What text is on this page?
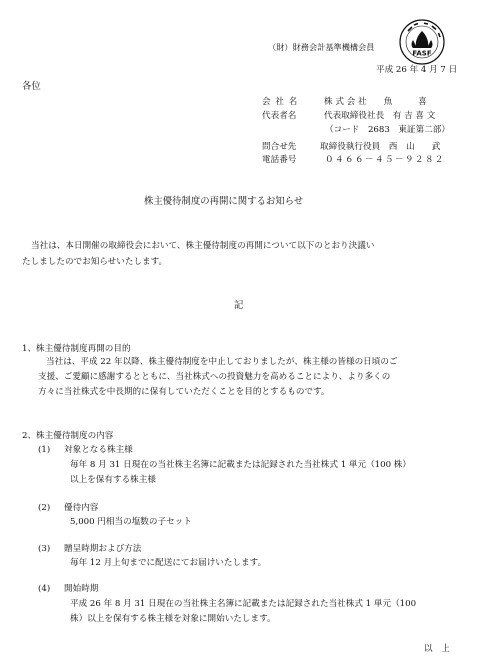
（財）財務会計基準機構会員
FASF
平成 26 年 4 月 7 日
各位
会 社 名	株 式 会 社　　魚　　　喜
代表者名	代表取締役社長　有 吉 喜 文
（コード　2683　東証第二部）
問合せ先	取締役執行役員　西　山　　武
電話番号	０４６６－４５－９２８２
株主優待制度の再開に関するお知らせ
当社は、本日開催の取締役会において、株主優待制度の再開について以下のとおり決議い
たしましたのでお知らせいたします。
記
1、株主優待制度再開の目的
当社は、平成 22 年以降、株主優待制度を中止しておりましたが、株主様の皆様の日頃のご
支援、ご愛顧に感謝するとともに、当社株式への投資魅力を高めることにより、より多くの
方々に当社株式を中長期的に保有していただくことを目的とするものです。
2、株主優待制度の内容
(1) 対象となる株主様
毎年 8 月 31 日現在の当社株主名簿に記載または記録された当社株式 1 単元（100 株）
以上を保有する株主様
(2) 優待内容
5,000 円相当の塩数の子セット
(3) 贈呈時期および方法
毎年 12 月上旬までに配送にてお届けいたします。
(4) 開始時期
平成 26 年 8 月 31 日現在の当社株主名簿に記載または記録された当社株式 1 単元（100
株）以上を保有する株主様を対象に開始いたします。
以　上
